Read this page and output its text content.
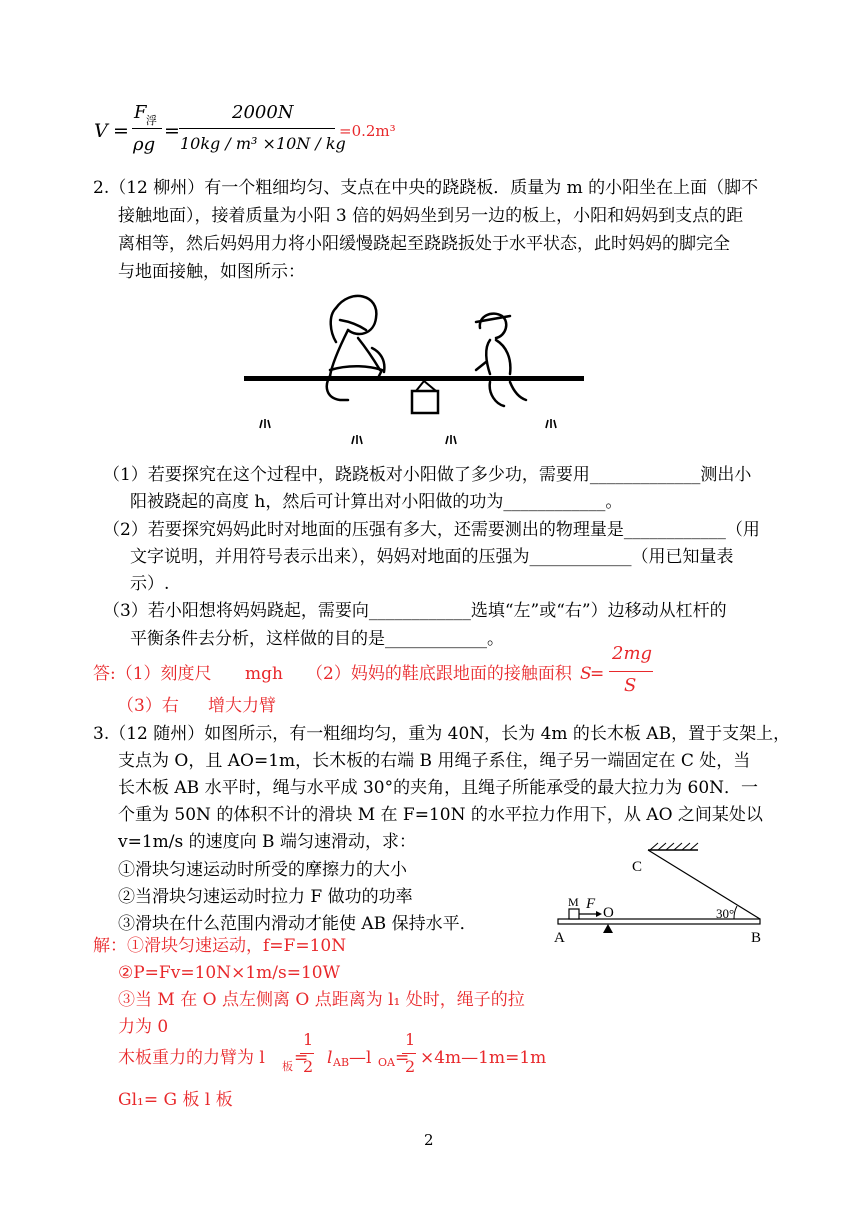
V =
F 浮
ρg
=
2000N
10kg / m³ ×10N / kg
=0.2m³
2.（12 柳州）有一个粗细均匀、支点在中央的跷跷板．质量为 m 的小阳坐在上面（脚不
接触地面），接着质量为小阳 3 倍的妈妈坐到另一边的板上，小阳和妈妈到支点的距
离相等，然后妈妈用力将小阳缓慢跷起至跷跷扳处于水平状态，此时妈妈的脚完全
与地面接触，如图所示：
（1）若要探究在这个过程中，跷跷板对小阳做了多少功，需要用_____________测出小
阳被跷起的高度 h，然后可计算出对小阳做的功为____________。
（2）若要探究妈妈此时对地面的压强有多大，还需要测出的物理量是____________（用
文字说明，并用符号表示出来），妈妈对地面的压强为____________（用已知量表
示）.
（3）若小阳想将妈妈跷起，需要向____________选填“左”或“右”）边移动从杠杆的
平衡条件去分析，这样做的目的是____________。
答:（1）刻度尺 mgh （2）妈妈的鞋底跟地面的接触面积 S
=
2mg
S
（3）右 增大力臂
3.（12 随州）如图所示，有一粗细均匀，重为 40N，长为 4m 的长木板 AB，置于支架上，
支点为 O，且 AO=1m，长木板的右端 B 用绳子系住，绳子另一端固定在 C 处，当
长木板 AB 水平时，绳与水平成 30°的夹角，且绳子所能承受的最大拉力为 60N．一
个重为 50N 的体积不计的滑块 M 在 F=10N 的水平拉力作用下，从 AO 之间某处以
v=1m/s 的速度向 B 端匀速滑动，求：
①滑块匀速运动时所受的摩擦力的大小
②当滑块匀速运动时拉力 F 做功的功率
③滑块在什么范围内滑动才能使 AB 保持水平．
C
M F
O
A	B
30°
解：①滑块匀速运动，f=F=10N
②P=Fv=10N×1m/s=10W
③当 M 在 O 点左侧离 O 点距离为 l₁ 处时，绳子的拉
力为 0
木板重力的力臂为 l 板 =
1
2 l AB —l OA =
1
2 ×4m—1m=1m
Gl₁= G 板 l 板
2
